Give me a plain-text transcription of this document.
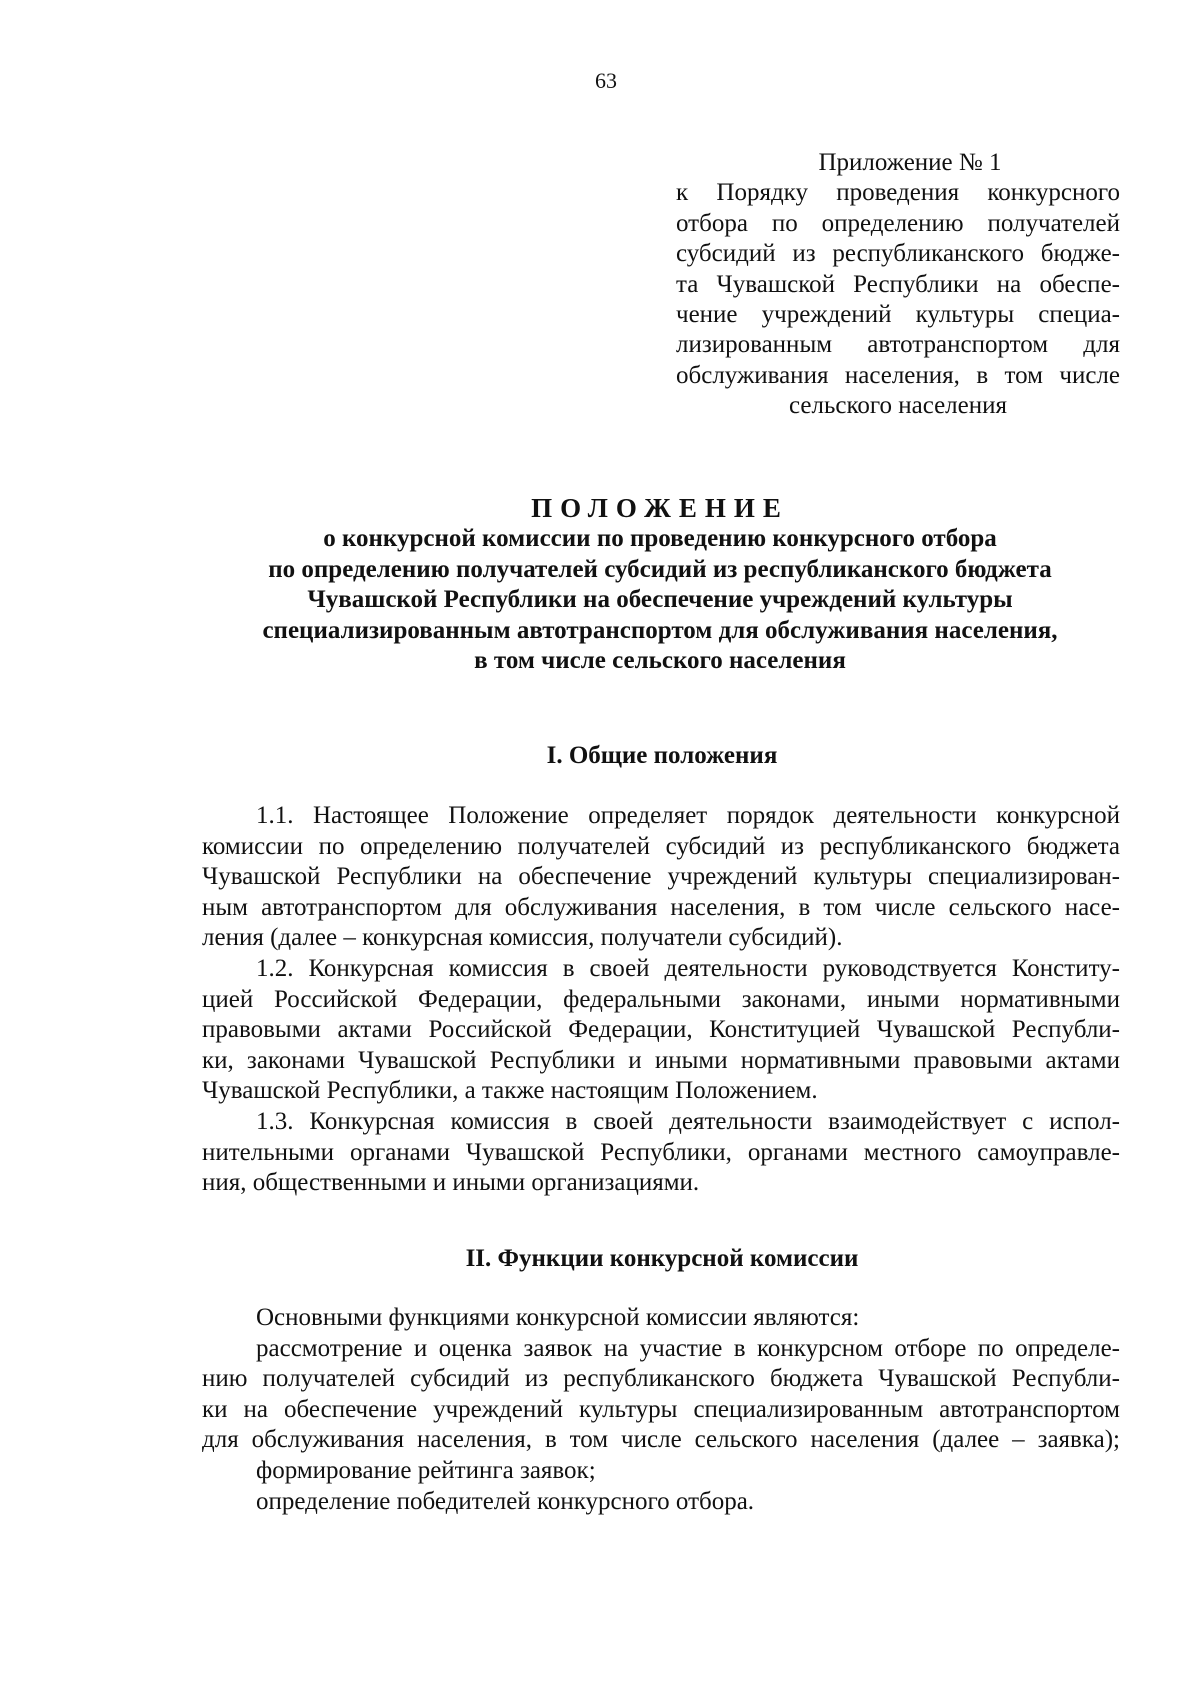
63
Приложение № 1
к Порядку проведения конкурсного
отбора по определению получателей
субсидий из республиканского бюдже-
та Чувашской Республики на обеспе-
чение учреждений культуры специа-
лизированным автотранспортом для
обслуживания населения, в том числе
сельского населения
ПОЛОЖЕНИЕ
о конкурсной комиссии по проведению конкурсного отбора
по определению получателей субсидий из республиканского бюджета
Чувашской Республики на обеспечение учреждений культуры
специализированным автотранспортом для обслуживания населения,
в том числе сельского населения
I. Общие положения
1.1. Настоящее Положение определяет порядок деятельности конкурсной
комиссии по определению получателей субсидий из республиканского бюджета
Чувашской Республики на обеспечение учреждений культуры специализирован-
ным автотранспортом для обслуживания населения, в том числе сельского насе-
ления (далее – конкурсная комиссия, получатели субсидий).
1.2. Конкурсная комиссия в своей деятельности руководствуется Конститу-
цией Российской Федерации, федеральными законами, иными нормативными
правовыми актами Российской Федерации, Конституцией Чувашской Республи-
ки, законами Чувашской Республики и иными нормативными правовыми актами
Чувашской Республики, а также настоящим Положением.
1.3. Конкурсная комиссия в своей деятельности взаимодействует с испол-
нительными органами Чувашской Республики, органами местного самоуправле-
ния, общественными и иными организациями.
II. Функции конкурсной комиссии
Основными функциями конкурсной комиссии являются:
рассмотрение и оценка заявок на участие в конкурсном отборе по определе-
нию получателей субсидий из республиканского бюджета Чувашской Республи-
ки на обеспечение учреждений культуры специализированным автотранспортом
для обслуживания населения, в том числе сельского населения (далее – заявка);
формирование рейтинга заявок;
определение победителей конкурсного отбора.
